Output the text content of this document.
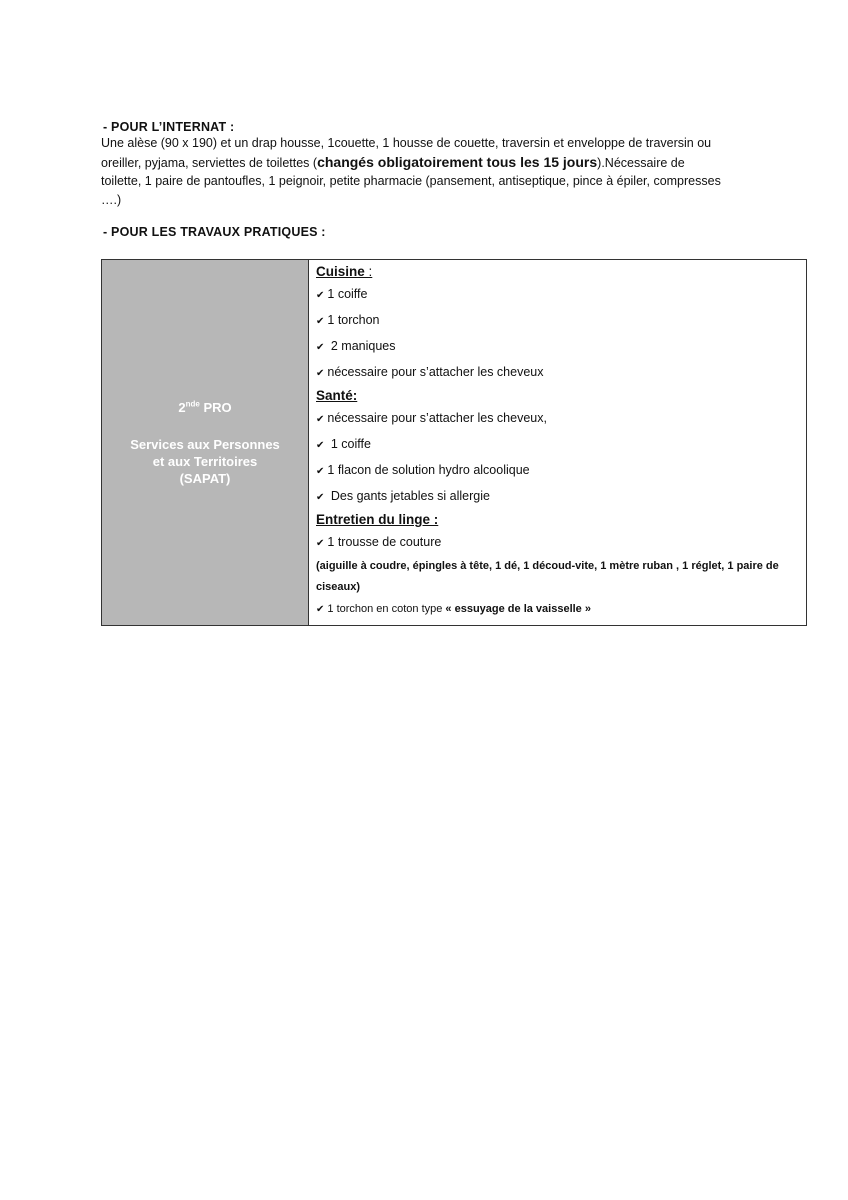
- POUR L’INTERNAT :

Une alèse (90 x 190) et un drap housse, 1couette, 1 housse de couette, traversin et enveloppe de traversin ou oreiller, pyjama, serviettes de toilettes (changés obligatoirement tous les 15 jours).Nécessaire de toilette, 1 paire de pantoufles, 1 peignoir, petite pharmacie (pansement, antiseptique, pince à épiler, compresses ….)

- POUR LES TRAVAUX PRATIQUES :

2nde PRO
Services aux Personnes
et aux Territoires
(SAPAT)

Cuisine :

✔ 1 coiffe

✔ 1 torchon

✔ 2 maniques

✔ nécessaire pour s’attacher les cheveux

Santé:

✔ nécessaire pour s’attacher les cheveux,

✔ 1 coiffe

✔ 1 flacon de solution hydro alcoolique

✔ Des gants jetables si allergie

Entretien du linge :

✔ 1 trousse de couture

(aiguille à coudre, épingles à tête, 1 dé, 1 découd-vite, 1 mètre ruban , 1 réglet, 1 paire de ciseaux)

✔ 1 torchon en coton type « essuyage de la vaisselle »
